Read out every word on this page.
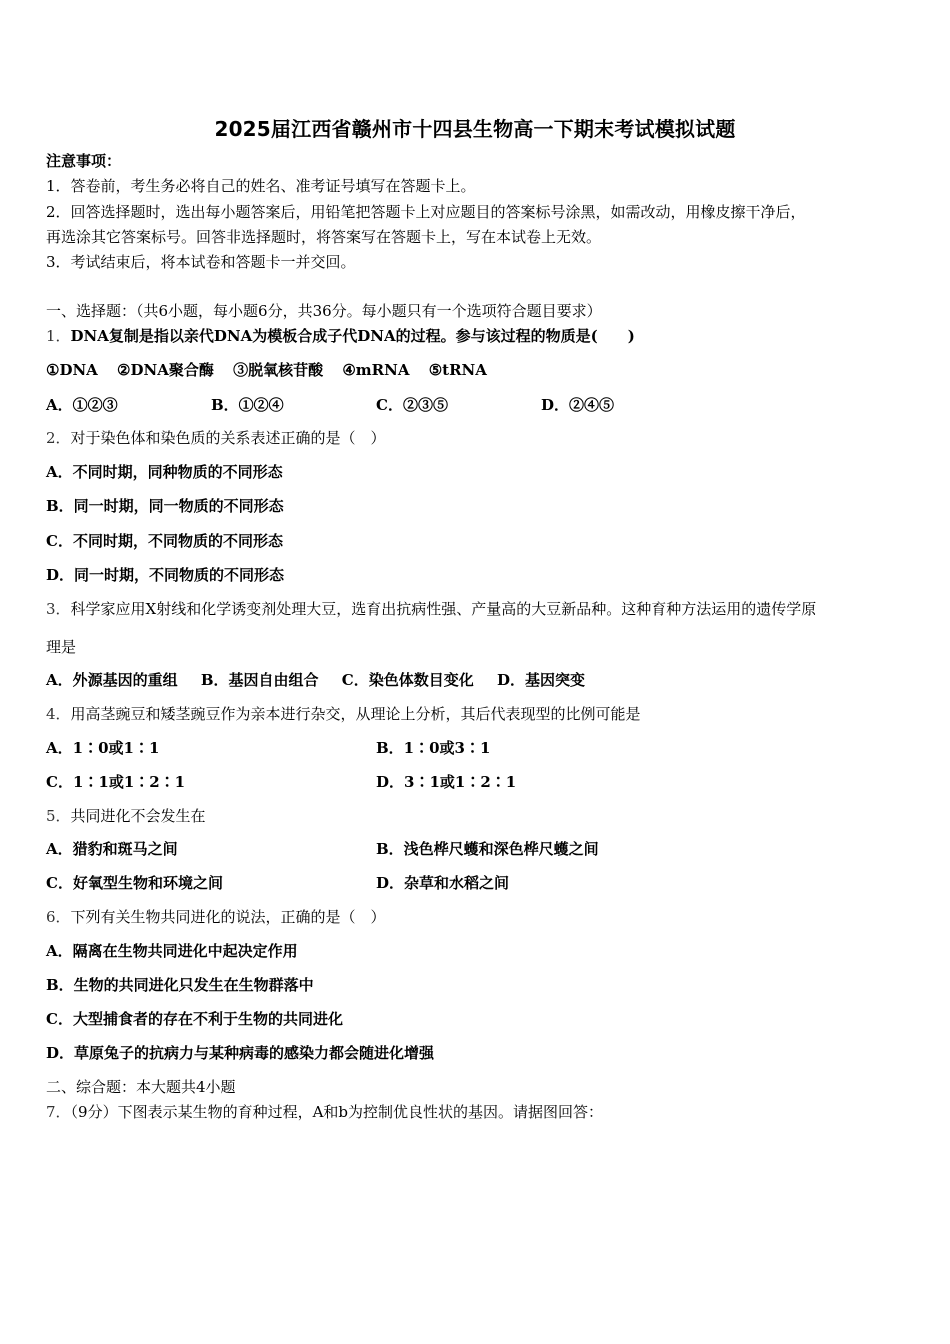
2025届江西省赣州市十四县生物高一下期末考试模拟试题
注意事项：
1．答卷前，考生务必将自己的姓名、准考证号填写在答题卡上。
2．回答选择题时，选出每小题答案后，用铅笔把答题卡上对应题目的答案标号涂黑，如需改动，用橡皮擦干净后，
再选涂其它答案标号。回答非选择题时，将答案写在答题卡上，写在本试卷上无效。
3．考试结束后，将本试卷和答题卡一并交回。
一、选择题：（共6小题，每小题6分，共36分。每小题只有一个选项符合题目要求）
1．DNA复制是指以亲代DNA为模板合成子代DNA的过程。参与该过程的物质是(　　)
①DNA ②DNA聚合酶 ③脱氧核苷酸 ④mRNA ⑤tRNA
A．①②③	B．①②④	C．②③⑤	D．②④⑤
2．对于染色体和染色质的关系表述正确的是（　）
A．不同时期，同种物质的不同形态
B．同一时期，同一物质的不同形态
C．不同时期，不同物质的不同形态
D．同一时期，不同物质的不同形态
3．科学家应用X射线和化学诱变剂处理大豆，选育出抗病性强、产量高的大豆新品种。这种育种方法运用的遗传学原
理是
A．外源基因的重组 B．基因自由组合 C．染色体数目变化 D．基因突变
4．用高茎豌豆和矮茎豌豆作为亲本进行杂交，从理论上分析，其后代表现型的比例可能是
A．1∶0或1∶1	B．1∶0或3∶1
C．1∶1或1∶2∶1	D．3∶1或1∶2∶1
5．共同进化不会发生在
A．猎豹和斑马之间	B．浅色桦尺蠖和深色桦尺蠖之间
C．好氧型生物和环境之间	D．杂草和水稻之间
6．下列有关生物共同进化的说法，正确的是（　）
A．隔离在生物共同进化中起决定作用
B．生物的共同进化只发生在生物群落中
C．大型捕食者的存在不利于生物的共同进化
D．草原兔子的抗病力与某种病毒的感染力都会随进化增强
二、综合题：本大题共4小题
7．（9分）下图表示某生物的育种过程，A和b为控制优良性状的基因。请据图回答：
